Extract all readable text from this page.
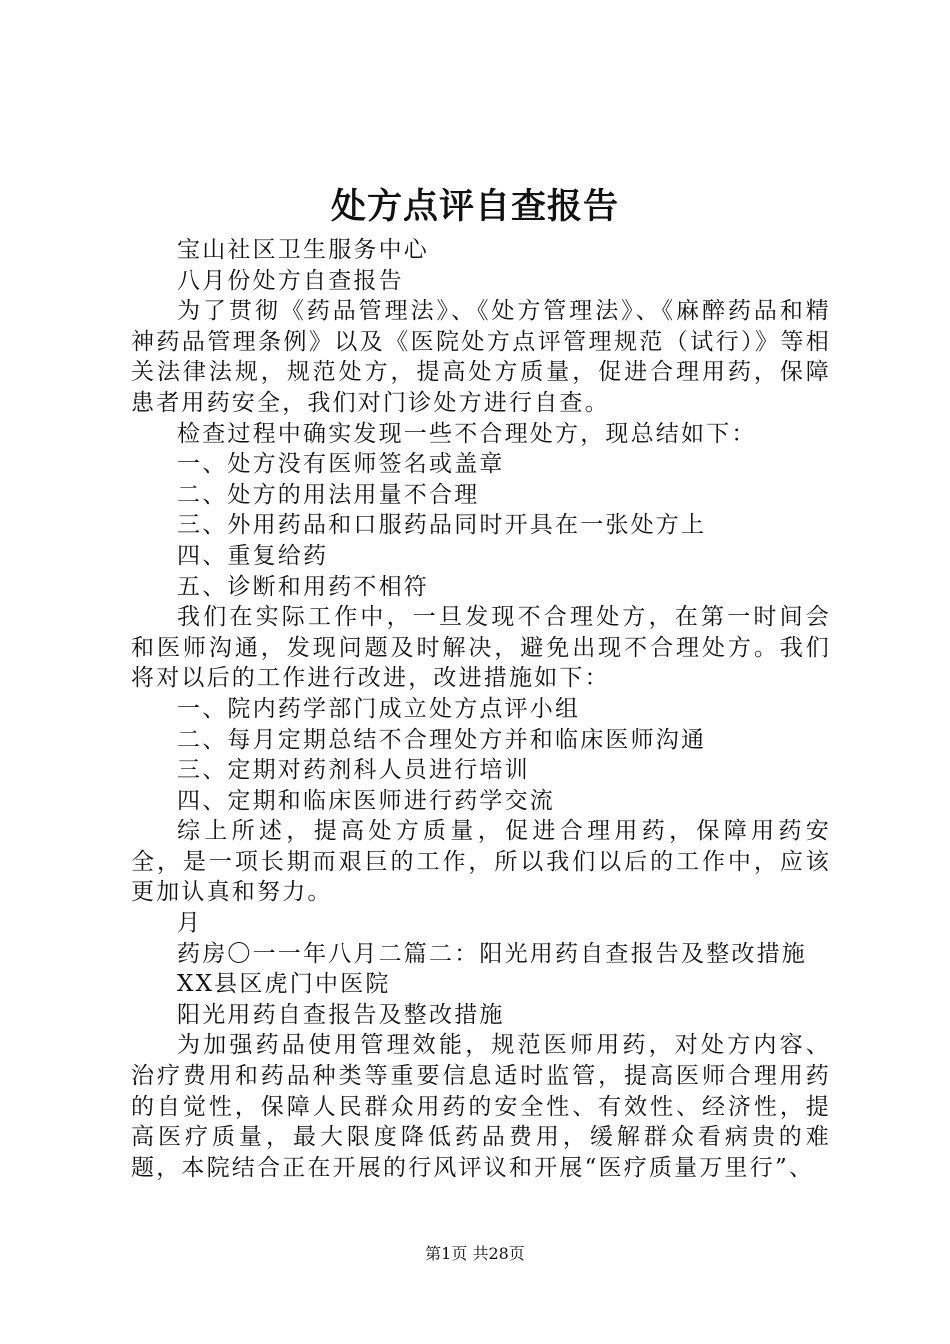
处方点评自查报告

宝山社区卫生服务中心

八月份处方自查报告

为了贯彻《药品管理法》、《处方管理法》、《麻醉药品和精神药品管理条例》以及《医院处方点评管理规范（试行）》等相关法律法规，规范处方，提高处方质量，促进合理用药，保障患者用药安全，我们对门诊处方进行自查。

检查过程中确实发现一些不合理处方，现总结如下：

一、处方没有医师签名或盖章

二、处方的用法用量不合理

三、外用药品和口服药品同时开具在一张处方上

四、重复给药

五、诊断和用药不相符

我们在实际工作中，一旦发现不合理处方，在第一时间会和医师沟通，发现问题及时解决，避免出现不合理处方。我们将对以后的工作进行改进，改进措施如下：

一、院内药学部门成立处方点评小组

二、每月定期总结不合理处方并和临床医师沟通

三、定期对药剂科人员进行培训

四、定期和临床医师进行药学交流

综上所述，提高处方质量，促进合理用药，保障用药安全，是一项长期而艰巨的工作，所以我们以后的工作中，应该更加认真和努力。

月

药房〇一一年八月二篇二：阳光用药自查报告及整改措施

XX县区虎门中医院

阳光用药自查报告及整改措施

为加强药品使用管理效能，规范医师用药，对处方内容、治疗费用和药品种类等重要信息适时监管，提高医师合理用药的自觉性，保障人民群众用药的安全性、有效性、经济性，提高医疗质量，最大限度降低药品费用，缓解群众看病贵的难题，本院结合正在开展的行风评议和开展“医疗质量万里行”、

第1页 共28页
